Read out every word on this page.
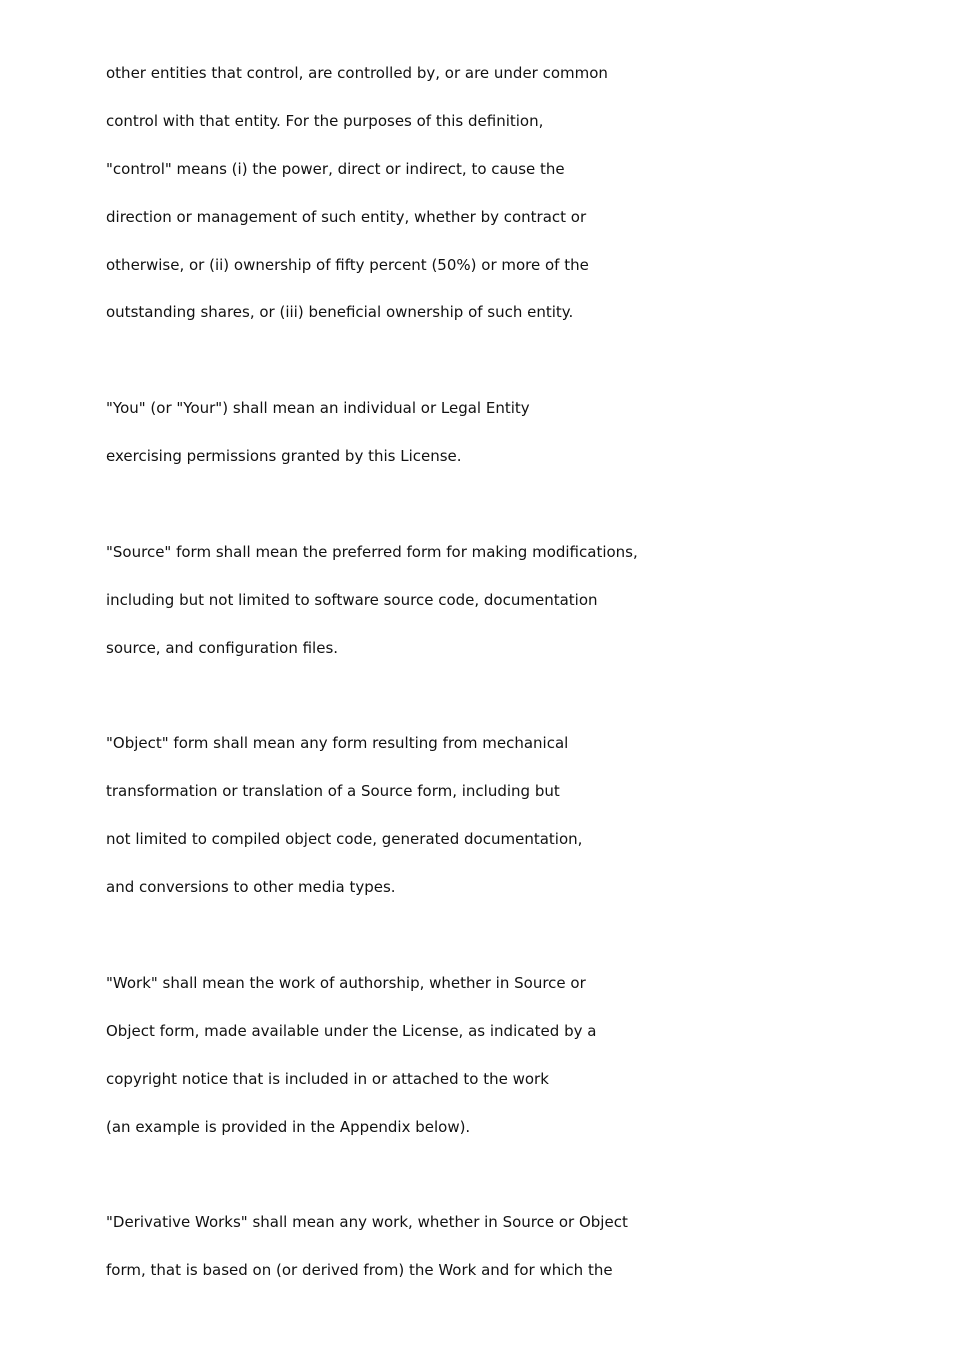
other entities that control, are controlled by, or are under common
control with that entity. For the purposes of this definition,
"control" means (i) the power, direct or indirect, to cause the
direction or management of such entity, whether by contract or
otherwise, or (ii) ownership of fifty percent (50%) or more of the
outstanding shares, or (iii) beneficial ownership of such entity.
"You" (or "Your") shall mean an individual or Legal Entity
exercising permissions granted by this License.
"Source" form shall mean the preferred form for making modifications,
including but not limited to software source code, documentation
source, and configuration files.
"Object" form shall mean any form resulting from mechanical
transformation or translation of a Source form, including but
not limited to compiled object code, generated documentation,
and conversions to other media types.
"Work" shall mean the work of authorship, whether in Source or
Object form, made available under the License, as indicated by a
copyright notice that is included in or attached to the work
(an example is provided in the Appendix below).
"Derivative Works" shall mean any work, whether in Source or Object
form, that is based on (or derived from) the Work and for which the
